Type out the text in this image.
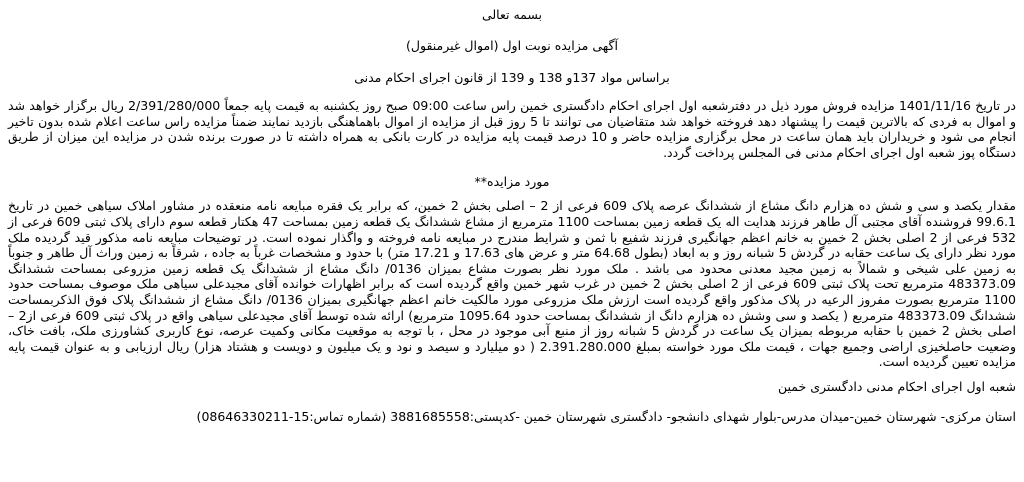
بسمه تعالی

آگهی مزایده نوبت اول (اموال غیرمنقول)

براساس مواد 137و 138 و 139 از قانون اجرای احکام مدنی

در تاریخ 1401/11/16 مزایده فروش مورد ذیل در دفترشعبه اول اجرای احکام دادگستری خمین راس ساعت 09:00 صبح روز یکشنبه به قیمت پایه جمعاً 2/391/280/000 ریال برگزار خواهد شد و اموال به فردی که بالاترین قیمت را پیشنهاد دهد فروخته خواهد شد متقاضیان می توانند تا 5 روز قبل از مزایده از اموال باهماهنگی بازدید نمایند ضمناً مزایده راس ساعت اعلام شده بدون تاخیر انجام می شود و خریداران باید همان ساعت در محل برگزاری مزایده حاضر و 10 درصد قیمت پایه مزایده در کارت بانکی به همراه داشته تا در صورت برنده شدن در مزایده این میزان از طریق دستگاه پوز شعبه اول اجرای احکام مدنی فی المجلس پرداخت گردد.

مورد مزایده**

مقدار یکصد و سی و شش ده هزارم دانگ مشاع از ششدانگ عرصه پلاک 609 فرعی از 2 – اصلی بخش 2 خمین، که برابر یک فقره مبایعه نامه منعقده در مشاور املاک سیاهی خمین در تاریخ 99.6.1 فروشنده آقای مجتبی آل طاهر فرزند هدایت اله یک قطعه زمین بمساحت 1100 مترمربع از مشاع ششدانگ یک قطعه زمین بمساحت 47 هکتار قطعه سوم دارای پلاک ثبتی 609 فرعی از 532 فرعی از 2 اصلی بخش 2 خمین به خانم اعظم جهانگیری فرزند شفیع با ثمن و شرایط مندرج در مبایعه نامه فروخته و واگذار نموده است. در توضیحات مبایعه نامه مذکور قید گردیده ملک مورد نظر دارای یک ساعت حقابه در گردش 5 شبانه روز و به ابعاد (بطول 64.68 متر و عرض های 17.63 و 17.21 متر) با حدود و مشخصات غرباً به جاده ، شرقاً به زمین وراث آل طاهر و جنوباً به زمین علی شیخی و شمالاً به زمین مجید معدنی محدود می باشد . ملک مورد نظر بصورت مشاع بمیزان 0136/ دانگ مشاع از ششدانگ یک قطعه زمین مزروعی بمساحت ششدانگ 483373.09 مترمربع تحت پلاک ثبتی 609 فرعی از 2 اصلی بخش 2 خمین در غرب شهر خمین واقع گردیده است که برابر اظهارات خوانده آقای مجیدعلی سیاهی ملک موصوف بمساحت حدود 1100 مترمربع بصورت مفروز الرعیه در پلاک مذکور واقع گردیده است ارزش ملک مزروعی مورد مالکیت خانم اعظم جهانگیری بمیزان 0136/ دانگ مشاع از ششدانگ پلاک فوق الذکربمساحت ششدانگ 483373.09 مترمربع ( یکصد و سی وشش ده هزارم دانگ از ششدانگ بمساحت حدود 1095.64 مترمربع) ارائه شده توسط آقای مجیدعلی سیاهی واقع در پلاک ثبتی 609 فرعی از2 – اصلی بخش 2 خمین با حقابه مربوطه بمیزان یک ساعت در گردش 5 شبانه روز از منبع آبی موجود در محل ، با توجه به موقعیت مکانی وکمیت عرصه، نوع کاربری کشاورزی ملک، بافت خاک، وضعیت حاصلخیزی اراضی وجمیع جهات ، قیمت ملک مورد خواسته بمبلغ 2.391.280.000 ( دو میلیارد و سیصد و نود و یک میلیون و دویست و هشتاد هزار) ریال ارزیابی و به عنوان قیمت پایه مزایده تعیین گردیده است.

شعبه اول اجرای احکام مدنی دادگستری خمین

استان مرکزی- شهرستان خمین-میدان مدرس-بلوار شهدای دانشجو- دادگستری شهرستان خمین -کدپستی:3881685558 (شماره تماس:15-08646330211)
